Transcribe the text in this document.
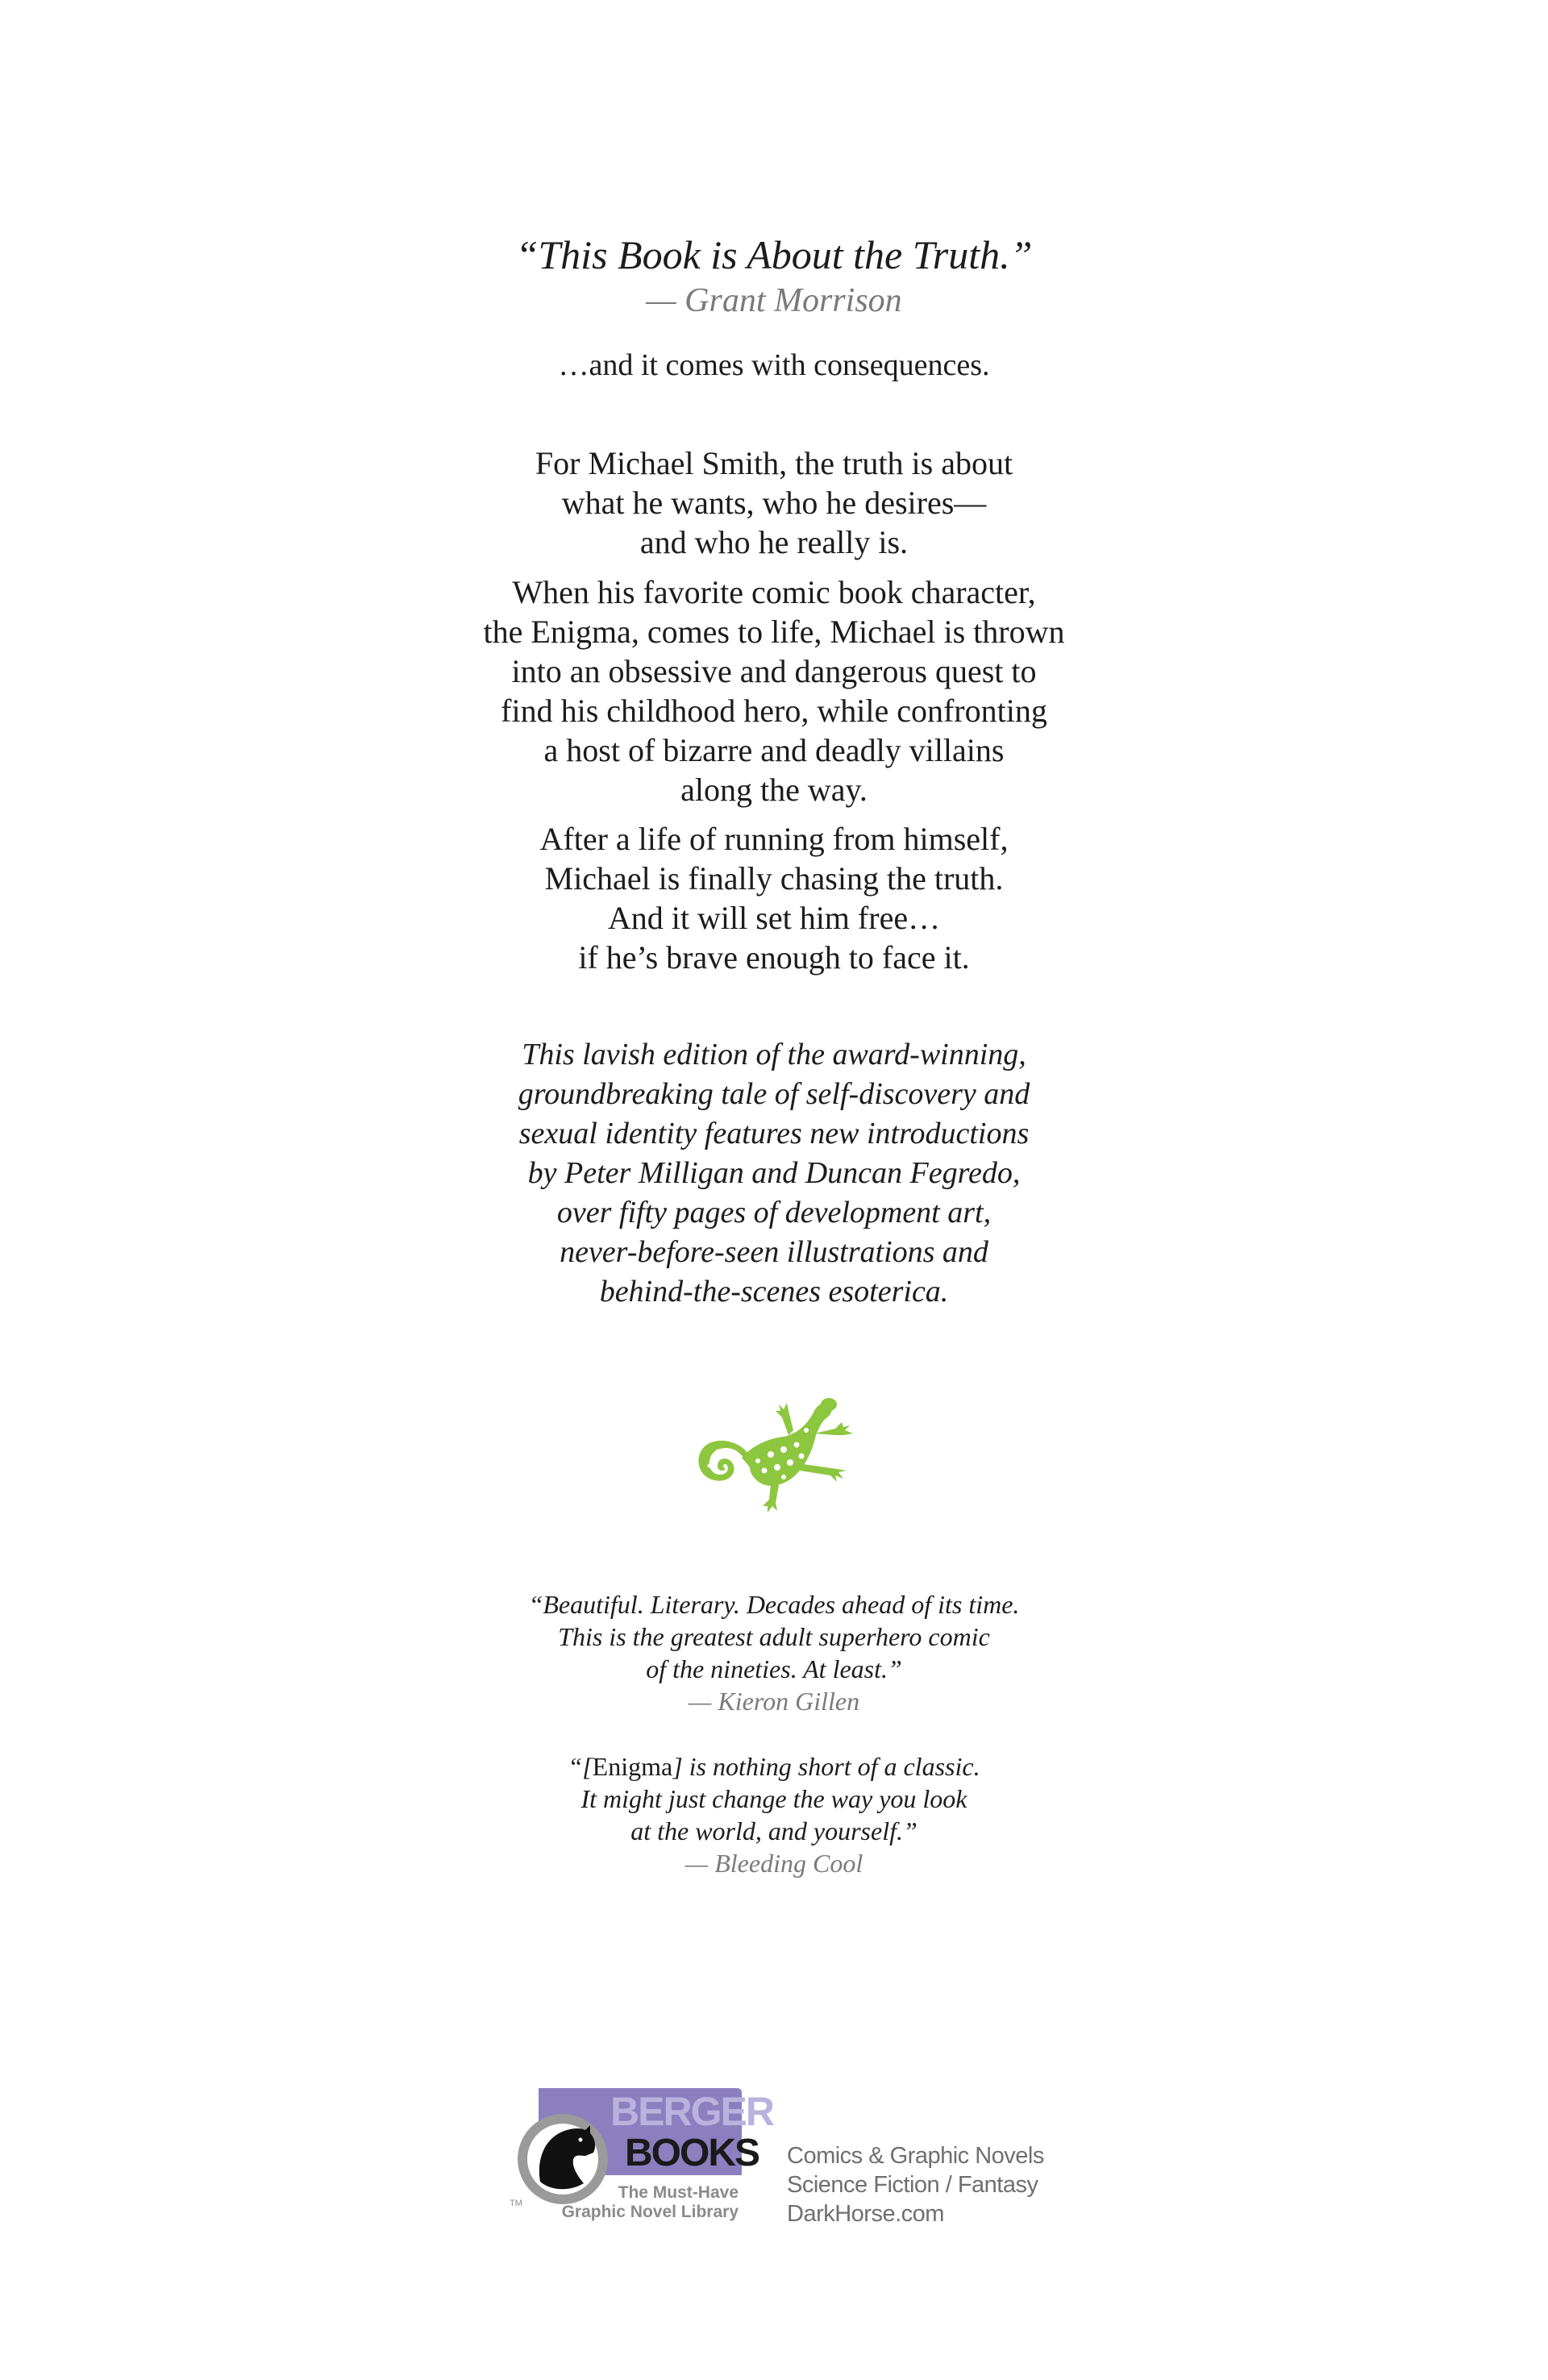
“This Book is About the Truth.”
— Grant Morrison
…and it comes with consequences.
For Michael Smith, the truth is about
what he wants, who he desires—
and who he really is.
When his favorite comic book character,
the Enigma, comes to life, Michael is thrown
into an obsessive and dangerous quest to
find his childhood hero, while confronting
a host of bizarre and deadly villains
along the way.
After a life of running from himself,
Michael is finally chasing the truth.
And it will set him free…
if he’s brave enough to face it.
This lavish edition of the award-winning,
groundbreaking tale of self-discovery and
sexual identity features new introductions
by Peter Milligan and Duncan Fegredo,
over fifty pages of development art,
never-before-seen illustrations and
behind-the-scenes esoterica.
“Beautiful. Literary. Decades ahead of its time.
This is the greatest adult superhero comic
of the nineties. At least.”
— Kieron Gillen
“[Enigma] is nothing short of a classic.
It might just change the way you look
at the world, and yourself.”
— Bleeding Cool
BERGER
BOOKS
The Must-Have
Graphic Novel Library
TM
Comics & Graphic Novels
Science Fiction / Fantasy
DarkHorse.com
